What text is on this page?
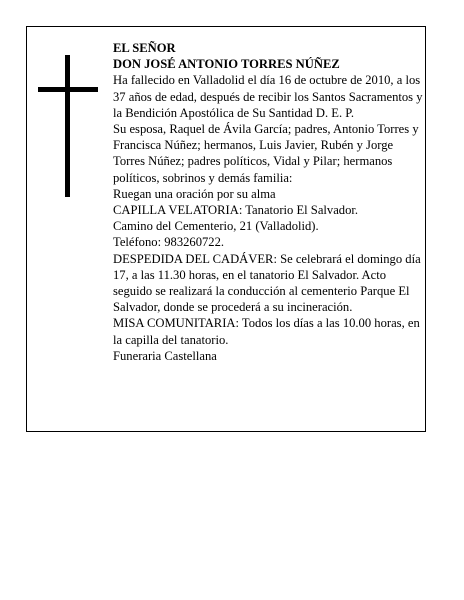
EL SEÑOR

DON JOSÉ ANTONIO TORRES NÚÑEZ

Ha fallecido en Valladolid el día 16 de octubre de 2010, a los 37 años de edad, después de recibir los Santos Sacramentos y la Bendición Apostólica de Su Santidad D. E. P.

Su esposa, Raquel de Ávila García; padres, Antonio Torres y Francisca Núñez; hermanos, Luis Javier, Rubén y Jorge Torres Núñez; padres políticos, Vidal y Pilar; hermanos políticos, sobrinos y demás familia:

Ruegan una oración por su alma

CAPILLA VELATORIA: Tanatorio El Salvador.

Camino del Cementerio, 21 (Valladolid).

Teléfono: 983260722.

DESPEDIDA DEL CADÁVER: Se celebrará el domingo día 17, a las 11.30 horas, en el tanatorio El Salvador. Acto seguido se realizará la conducción al cementerio Parque El Salvador, donde se procederá a su incineración.

MISA COMUNITARIA: Todos los días a las 10.00 horas, en la capilla del tanatorio.

Funeraria Castellana
